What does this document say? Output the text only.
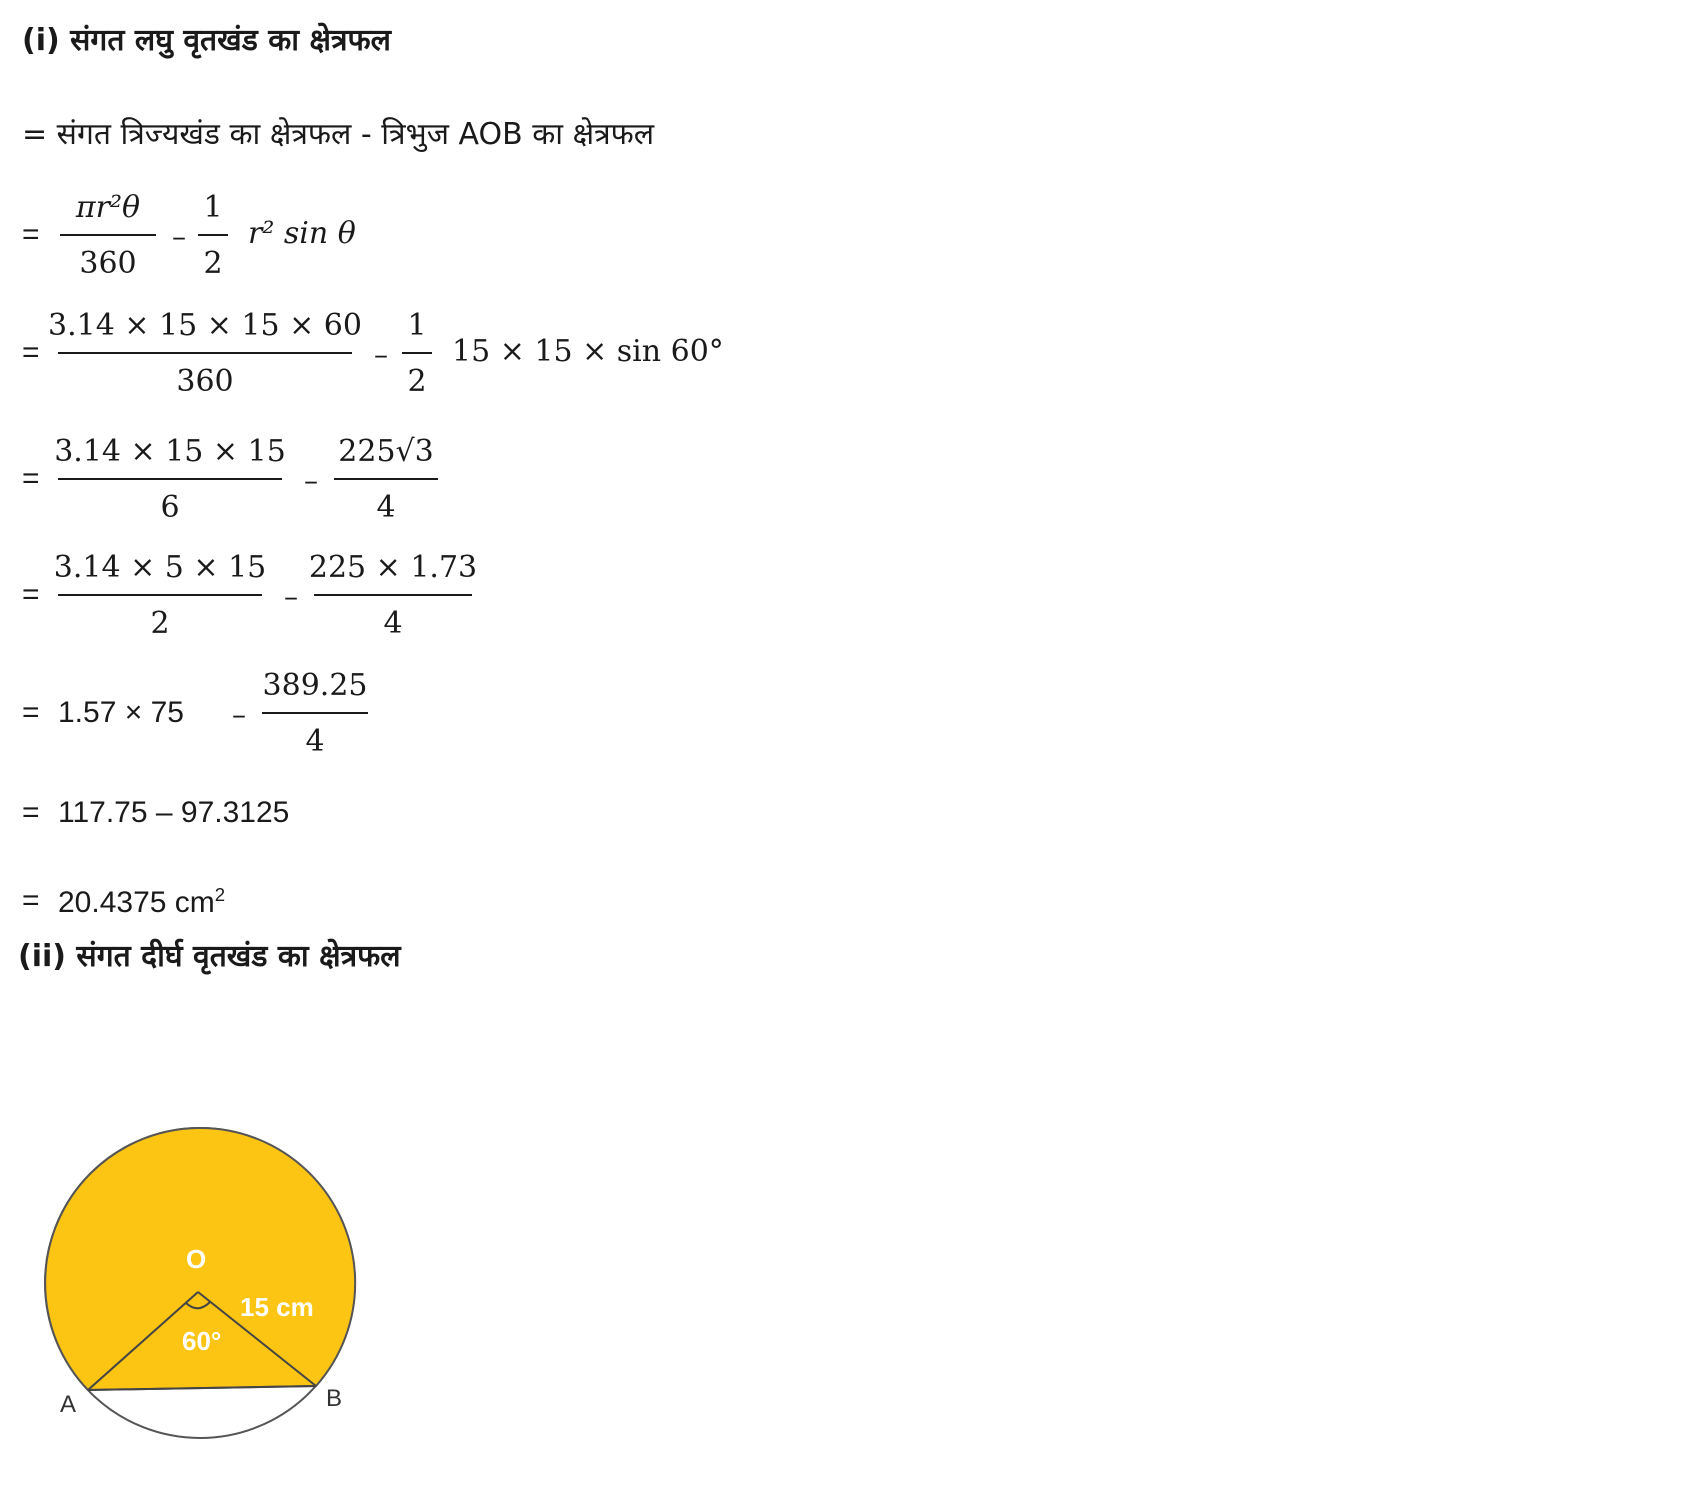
(i) संगत लघु वृतखंड का क्षेत्रफल
= संगत त्रिज्यखंड का क्षेत्रफल - त्रिभुज AOB का क्षेत्रफल
=
πr²θ
360
–
1
2
r² sin θ
=
3.14 × 15 × 15 × 60
360
–
1
2
15 × 15 × sin 60°
=
3.14 × 15 × 15
6
–
225√3
4
=
3.14 × 5 × 15
2
–
225 × 1.73
4
= 1.57 × 75 –
389.25
4
= 117.75 – 97.3125
= 20.4375 $cm^2$
(ii) संगत दीर्घ वृतखंड का क्षेत्रफल
O
15 cm
60°
A	B
